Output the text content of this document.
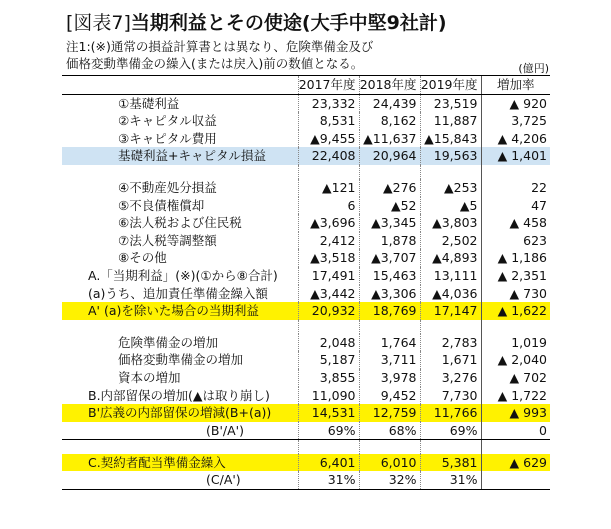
[図表7]当期利益とその使途(大手中堅9社計)
注1:(※)通常の損益計算書とは異なり、危険準備金及び
価格変動準備金の繰入(または戻入)前の数値となる。	(億円)
	2017年度	2018年度	2019年度	増加率
①基礎利益	23,332	24,439	23,519	▲ 920
②キャピタル収益	8,531	8,162	11,887	3,725
③キャピタル費用	▲9,455	▲11,637	▲15,843	▲ 4,206
基礎利益+キャピタル損益	22,408	20,964	19,563	▲ 1,401

④不動産処分損益	▲121	▲276	▲253	22
⑤不良債権償却	6	▲52	▲5	47
⑥法人税および住民税	▲3,696	▲3,345	▲3,803	▲ 458
⑦法人税等調整額	2,412	1,878	2,502	623
⑧その他	▲3,518	▲3,707	▲4,893	▲ 1,186
A.「当期利益」(※)(①から⑧合計)	17,491	15,463	13,111	▲ 2,351
(a)うち、追加責任準備金繰入額	▲3,442	▲3,306	▲4,036	▲ 730
A' (a)を除いた場合の当期利益	20,932	18,769	17,147	▲ 1,622

危険準備金の増加	2,048	1,764	2,783	1,019
価格変動準備金の増加	5,187	3,711	1,671	▲ 2,040
資本の増加	3,855	3,978	3,276	▲ 702
B.内部留保の増加(▲は取り崩し)	11,090	9,452	7,730	▲ 1,722
B'広義の内部留保の増減(B+(a))	14,531	12,759	11,766	▲ 993
(B'/A')	69%	68%	69%	0

C.契約者配当準備金繰入	6,401	6,010	5,381	▲ 629
(C/A')	31%	32%	31%	
